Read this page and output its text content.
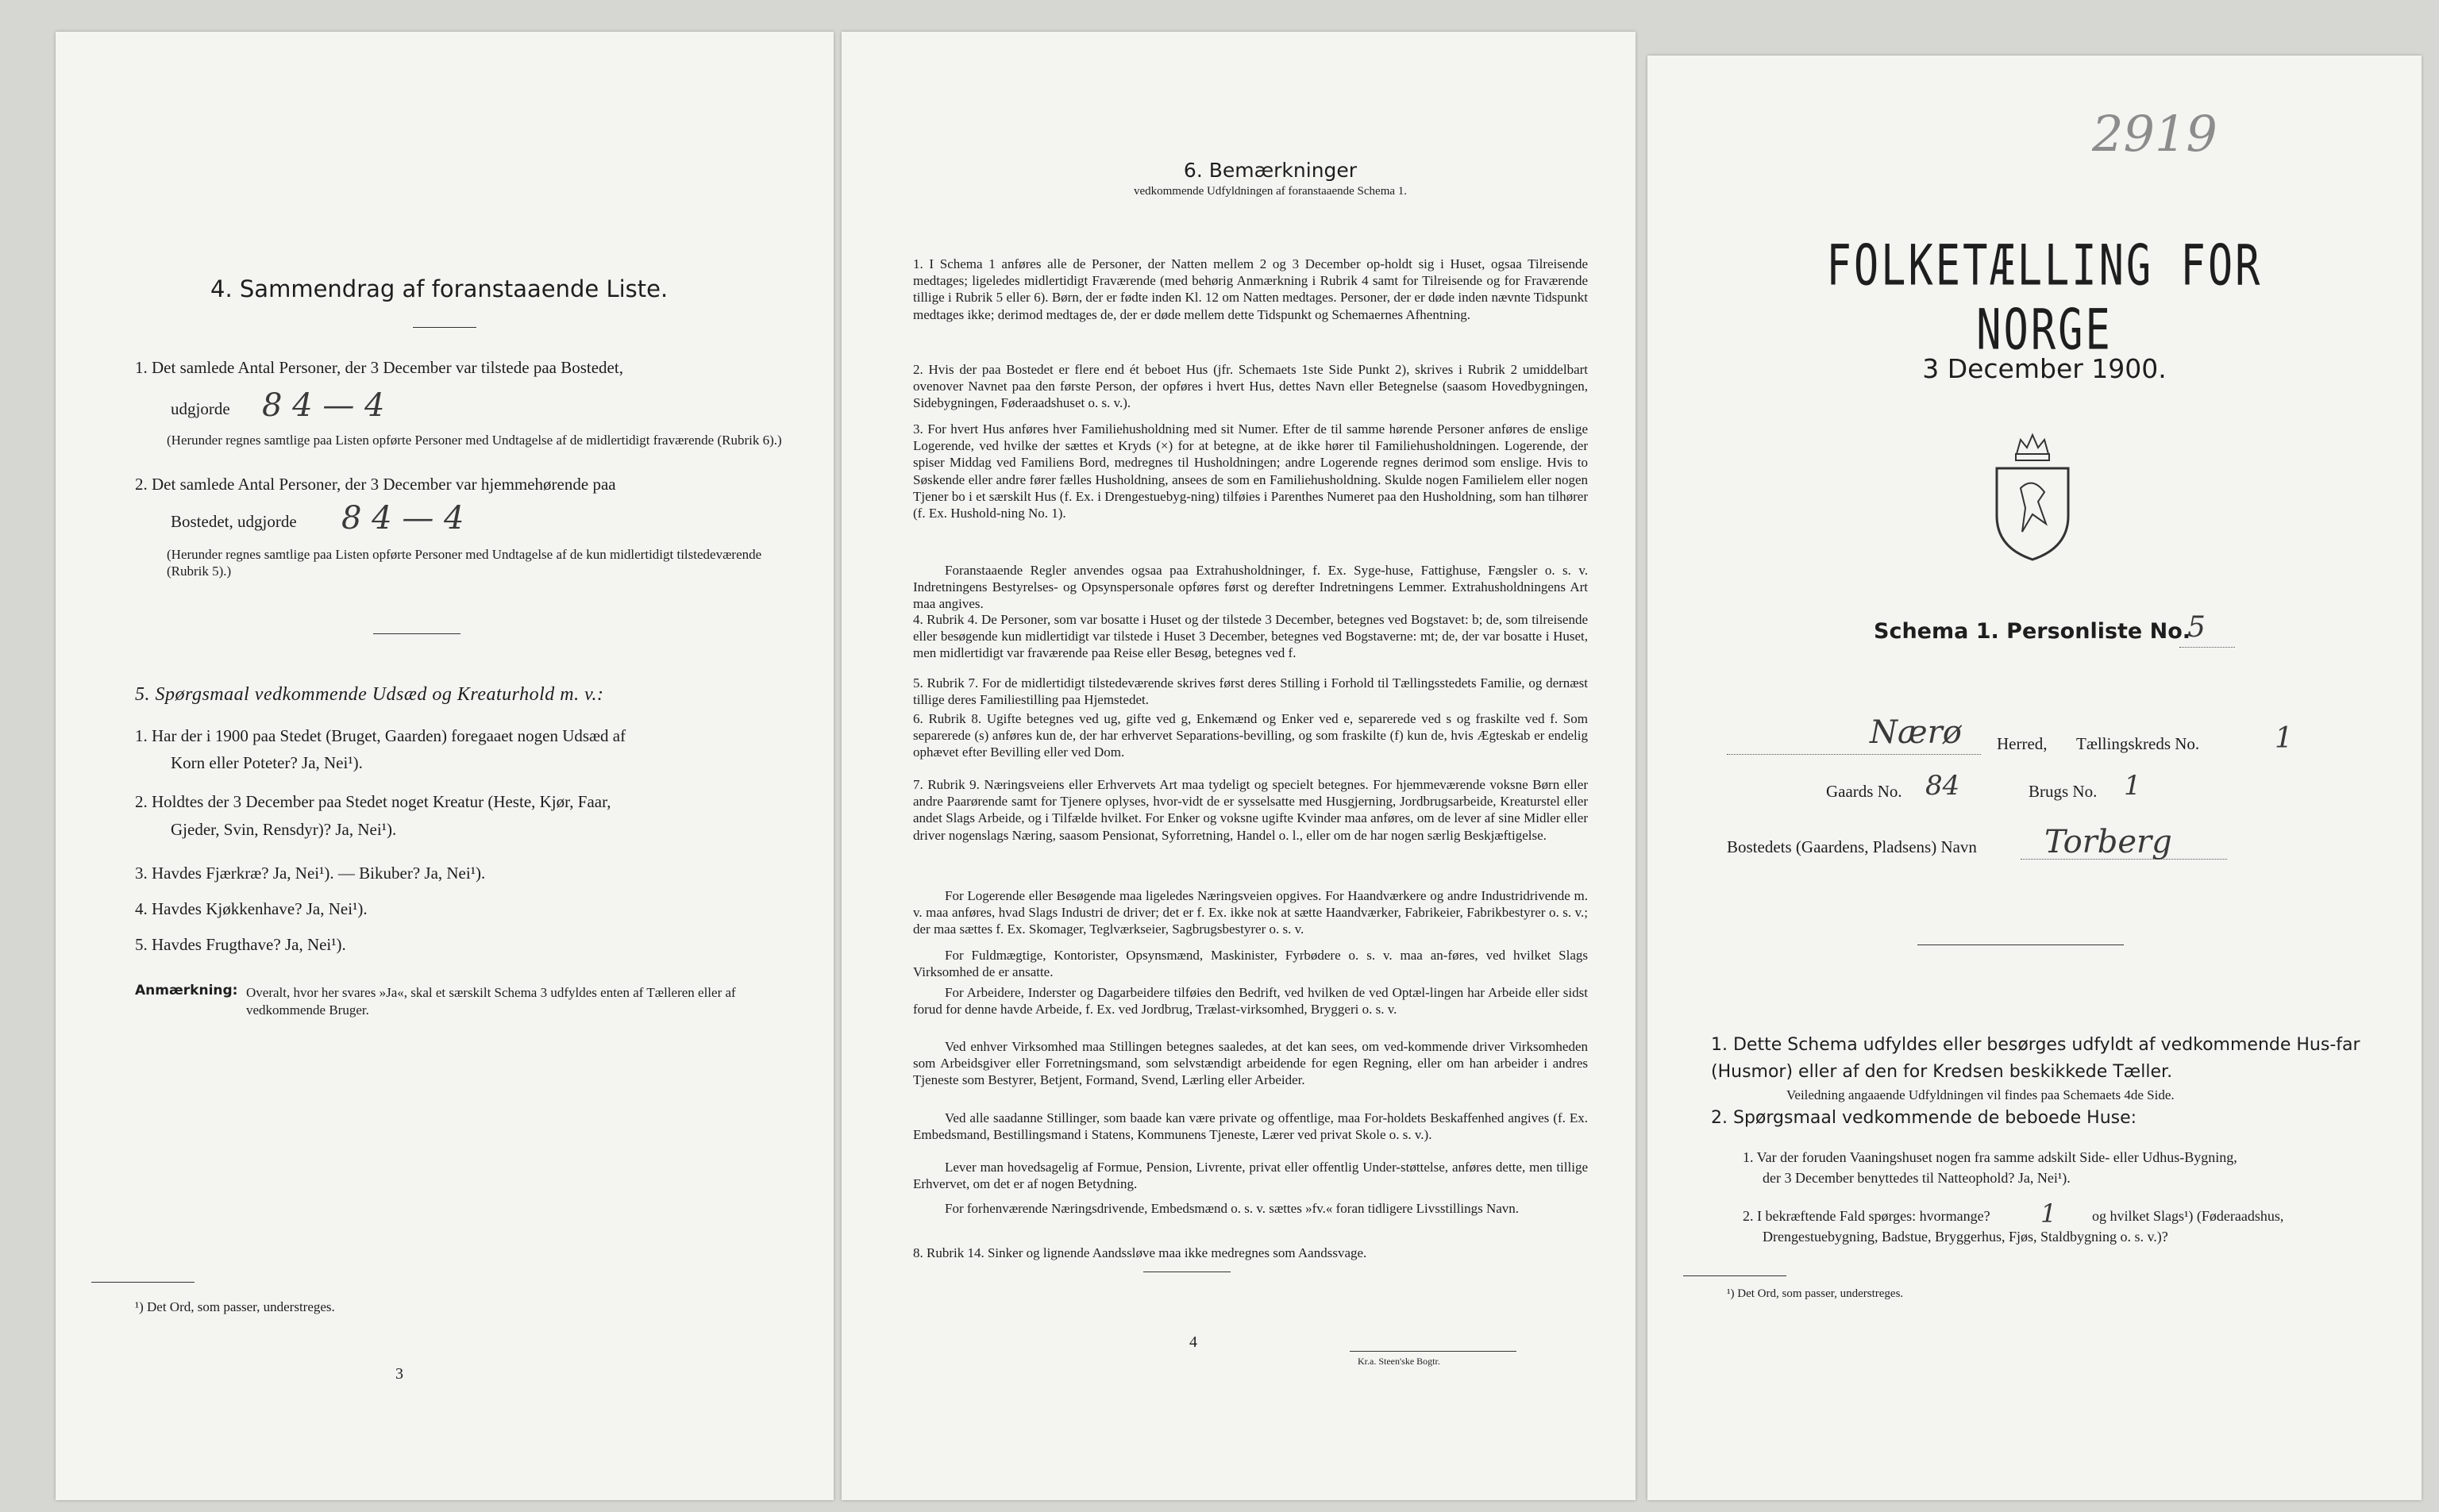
4. Sammendrag af foranstaaende Liste.
1. Det samlede Antal Personer, der 3 December var tilstede paa Bostedet,
udgjorde 8 4 — 4
(Herunder regnes samtlige paa Listen opførte Personer med Undtagelse af de midlertidigt fraværende (Rubrik 6).)
2. Det samlede Antal Personer, der 3 December var hjemmehørende paa
Bostedet, udgjorde 8 4 — 4
(Herunder regnes samtlige paa Listen opførte Personer med Undtagelse af de kun midlertidigt tilstedeværende (Rubrik 5).)
5. Spørgsmaal vedkommende Udsæd og Kreaturhold m. v.:
1. Har der i 1900 paa Stedet (Bruget, Gaarden) foregaaet nogen Udsæd af
Korn eller Poteter? Ja, Nei¹).
2. Holdtes der 3 December paa Stedet noget Kreatur (Heste, Kjør, Faar,
Gjeder, Svin, Rensdyr)? Ja, Nei¹).
3. Havdes Fjærkræ? Ja, Nei¹). — Bikuber? Ja, Nei¹).
4. Havdes Kjøkkenhave? Ja, Nei¹).
5. Havdes Frugthave? Ja, Nei¹).
Anmærkning: Overalt, hvor her svares »Ja«, skal et særskilt Schema 3 udfyldes enten af Tælleren eller af vedkommende Bruger.
¹) Det Ord, som passer, understreges.
3
6. Bemærkninger
vedkommende Udfyldningen af foranstaaende Schema 1.
1. I Schema 1 anføres alle de Personer, der Natten mellem 2 og 3 December op-holdt sig i Huset, ogsaa Tilreisende medtages; ligeledes midlertidigt Fraværende (med behørig Anmærkning i Rubrik 4 samt for Tilreisende og for Fraværende tillige i Rubrik 5 eller 6). Børn, der er fødte inden Kl. 12 om Natten medtages. Personer, der er døde inden nævnte Tidspunkt medtages ikke; derimod medtages de, der er døde mellem dette Tidspunkt og Schemaernes Afhentning.
2. Hvis der paa Bostedet er flere end ét beboet Hus (jfr. Schemaets 1ste Side Punkt 2), skrives i Rubrik 2 umiddelbart ovenover Navnet paa den første Person, der opføres i hvert Hus, dettes Navn eller Betegnelse (saasom Hovedbygningen, Sidebygningen, Føderaadshuset o. s. v.).
3. For hvert Hus anføres hver Familiehusholdning med sit Numer. Efter de til samme hørende Personer anføres de enslige Logerende, ved hvilke der sættes et Kryds (×) for at betegne, at de ikke hører til Familiehusholdningen. Logerende, der spiser Middag ved Familiens Bord, medregnes til Husholdningen; andre Logerende regnes derimod som enslige. Hvis to Søskende eller andre fører fælles Husholdning, ansees de som en Familiehusholdning. Skulde nogen Familielem eller nogen Tjener bo i et særskilt Hus (f. Ex. i Drengestuebyg-ning) tilføies i Parenthes Numeret paa den Husholdning, som han tilhører (f. Ex. Hushold-ning No. 1).
Foranstaaende Regler anvendes ogsaa paa Extrahusholdninger, f. Ex. Syge-huse, Fattighuse, Fængsler o. s. v. Indretningens Bestyrelses- og Opsynspersonale opføres først og derefter Indretningens Lemmer. Extrahusholdningens Art maa angives.
4. Rubrik 4. De Personer, som var bosatte i Huset og der tilstede 3 December, betegnes ved Bogstavet: b; de, som tilreisende eller besøgende kun midlertidigt var tilstede i Huset 3 December, betegnes ved Bogstaverne: mt; de, der var bosatte i Huset, men midlertidigt var fraværende paa Reise eller Besøg, betegnes ved f.
5. Rubrik 7. For de midlertidigt tilstedeværende skrives først deres Stilling i Forhold til Tællingsstedets Familie, og dernæst tillige deres Familiestilling paa Hjemstedet.
6. Rubrik 8. Ugifte betegnes ved ug, gifte ved g, Enkemænd og Enker ved e, separerede ved s og fraskilte ved f. Som separerede (s) anføres kun de, der har erhvervet Separations-bevilling, og som fraskilte (f) kun de, hvis Ægteskab er endelig ophævet efter Bevilling eller ved Dom.
7. Rubrik 9. Næringsveiens eller Erhvervets Art maa tydeligt og specielt betegnes. For hjemmeværende voksne Børn eller andre Paarørende samt for Tjenere oplyses, hvor-vidt de er sysselsatte med Husgjerning, Jordbrugsarbeide, Kreaturstel eller andet Slags Arbeide, og i Tilfælde hvilket. For Enker og voksne ugifte Kvinder maa anføres, om de lever af sine Midler eller driver nogenslags Næring, saasom Pensionat, Syforretning, Handel o. l., eller om de har nogen særlig Beskjæftigelse.
For Logerende eller Besøgende maa ligeledes Næringsveien opgives. For Haandværkere og andre Industridrivende m. v. maa anføres, hvad Slags Industri de driver; det er f. Ex. ikke nok at sætte Haandværker, Fabrikeier, Fabrikbestyrer o. s. v.; der maa sættes f. Ex. Skomager, Teglværkseier, Sagbrugsbestyrer o. s. v.
For Fuldmægtige, Kontorister, Opsynsmænd, Maskinister, Fyrbødere o. s. v. maa an-føres, ved hvilket Slags Virksomhed de er ansatte.
For Arbeidere, Inderster og Dagarbeidere tilføies den Bedrift, ved hvilken de ved Optæl-lingen har Arbeide eller sidst forud for denne havde Arbeide, f. Ex. ved Jordbrug, Trælast-virksomhed, Bryggeri o. s. v.
Ved enhver Virksomhed maa Stillingen betegnes saaledes, at det kan sees, om ved-kommende driver Virksomheden som Arbeidsgiver eller Forretningsmand, som selvstændigt arbeidende for egen Regning, eller om han arbeider i andres Tjeneste som Bestyrer, Betjent, Formand, Svend, Lærling eller Arbeider.
Ved alle saadanne Stillinger, som baade kan være private og offentlige, maa For-holdets Beskaffenhed angives (f. Ex. Embedsmand, Bestillingsmand i Statens, Kommunens Tjeneste, Lærer ved privat Skole o. s. v.).
Lever man hovedsagelig af Formue, Pension, Livrente, privat eller offentlig Under-støttelse, anføres dette, men tillige Erhvervet, om det er af nogen Betydning.
For forhenværende Næringsdrivende, Embedsmænd o. s. v. sættes »fv.« foran tidligere Livsstillings Navn.
8. Rubrik 14. Sinker og lignende Aandssløve maa ikke medregnes som Aandssvage.
4
Kr.a. Steen'ske Bogtr.
2919
FOLKETÆLLING FOR NORGE
3 December 1900.
Schema 1. Personliste No.
5
Nærø Herred, Tællingskreds No.	1
Gaards No. 84	Brugs No. 1
Bostedets (Gaardens, Pladsens) Navn Torberg
1. Dette Schema udfyldes eller besørges udfyldt af vedkommende Hus-far (Husmor) eller af den for Kredsen beskikkede Tæller.
Veiledning angaaende Udfyldningen vil findes paa Schemaets 4de Side.
2. Spørgsmaal vedkommende de beboede Huse:
1. Var der foruden Vaaningshuset nogen fra samme adskilt Side- eller Udhus-Bygning,
der 3 December benyttedes til Natteophold? Ja, Nei¹).
2. I bekræftende Fald spørges: hvormange? 1 og hvilket Slags¹) (Føderaadshus,
Drengestuebygning, Badstue, Bryggerhus, Fjøs, Staldbygning o. s. v.)?
¹) Det Ord, som passer, understreges.
